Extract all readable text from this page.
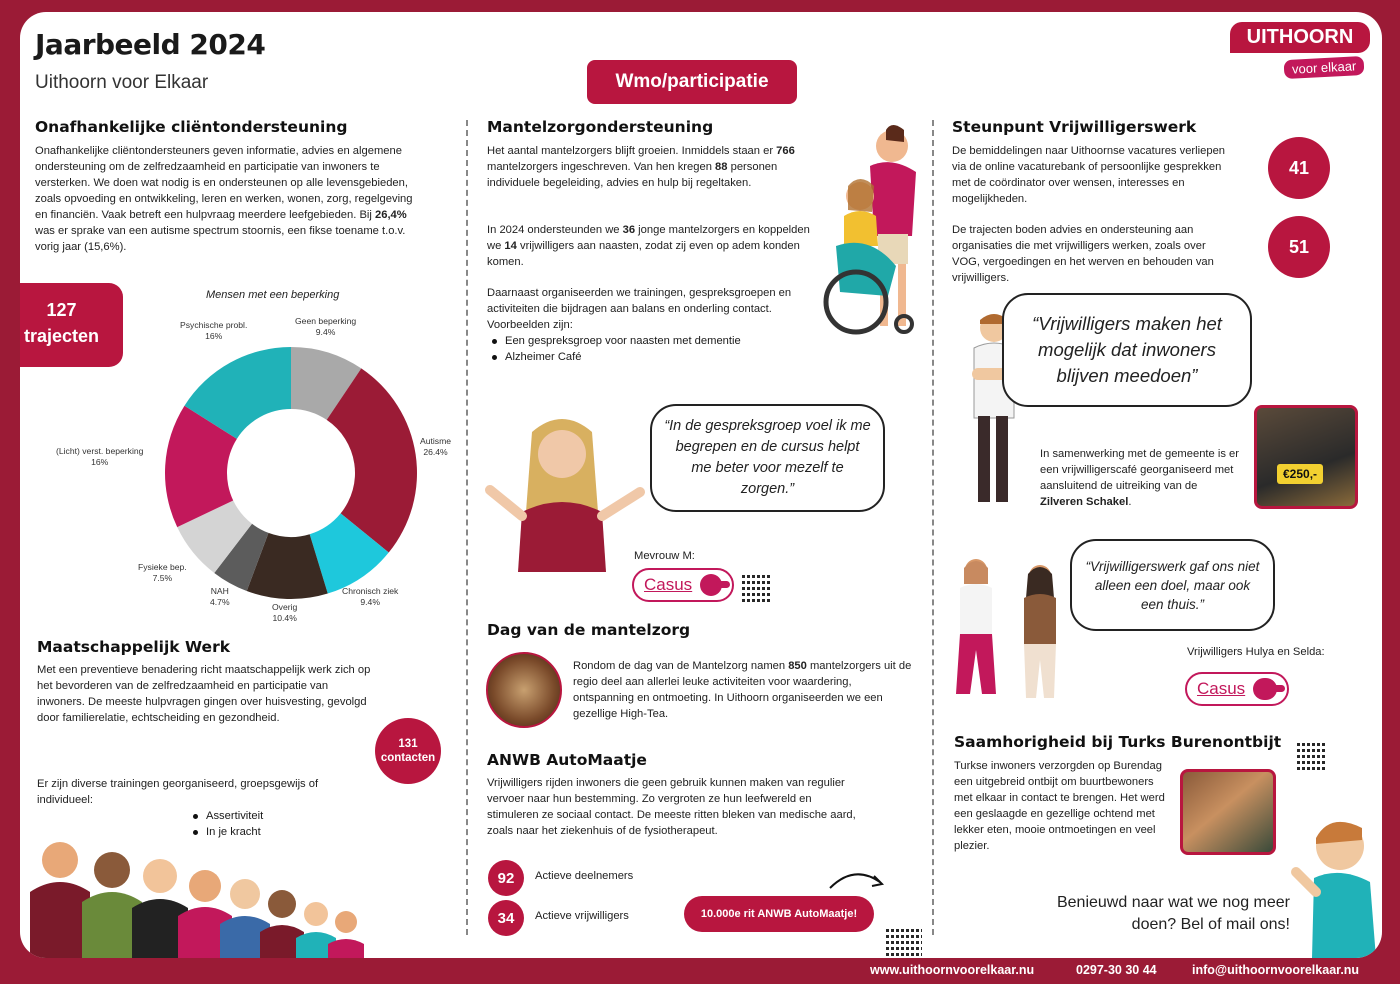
Jaarbeeld 2024
Uithoorn voor Elkaar	Wmo/participatie
UITHOORN
voor elkaar
Onafhankelijke cliëntondersteuning
Onafhankelijke cliëntondersteuners geven informatie, advies en algemene ondersteuning om de zelfredzaamheid en participatie van inwoners te versterken. We doen wat nodig is en ondersteunen op alle levensgebieden, zoals opvoeding en ontwikkeling, leren en werken, wonen, zorg, regelgeving en financiën. Vaak betreft een hulpvraag meerdere leefgebieden. Bij 26,4% was er sprake van een autisme spectrum stoornis, een fikse toename t.o.v. vorig jaar (15,6%).
127
trajecten
Mensen met een beperking
Geen beperking
9.4%
Autisme
26.4%
Chronisch ziek
9.4%
Overig
10.4%
NAH
4.7%
Fysieke bep.
7.5%
(Licht) verst. beperking
16%
Psychische probl.
16%
Maatschappelijk Werk
Met een preventieve benadering richt maatschappelijk werk zich op het bevorderen van de zelfredzaamheid en participatie van inwoners. De meeste hulpvragen gingen over huisvesting, gevolgd door familierelatie, echtscheiding en gezondheid.
131
contacten
Er zijn diverse trainingen georganiseerd, groepsgewijs of individueel:
Assertiviteit
In je kracht
Mantelzorgondersteuning
Het aantal mantelzorgers blijft groeien. Inmiddels staan er 766 mantelzorgers ingeschreven. Van hen kregen 88 personen individuele begeleiding, advies en hulp bij regeltaken.
In 2024 ondersteunden we 36 jonge mantelzorgers en koppelden we 14 vrijwilligers aan naasten, zodat zij even op adem konden komen.
Daarnaast organiseerden we trainingen, gespreksgroepen en activiteiten die bijdragen aan balans en onderling contact. Voorbeelden zijn:
Een gespreksgroep voor naasten met dementie
Alzheimer Café
“In de gespreksgroep voel ik me begrepen en de cursus helpt me beter voor mezelf te zorgen.”
Mevrouw M:
Casus
Dag van de mantelzorg
Rondom de dag van de Mantelzorg namen 850 mantelzorgers uit de regio deel aan allerlei leuke activiteiten voor waardering, ontspanning en ontmoeting. In Uithoorn organiseerden we een gezellige High-Tea.
ANWB AutoMaatje
Vrijwilligers rijden inwoners die geen gebruik kunnen maken van regulier vervoer naar hun bestemming. Zo vergroten ze hun leefwereld en stimuleren ze sociaal contact. De meeste ritten bleken van medische aard, zoals naar het ziekenhuis of de fysiotherapeut.
92	Actieve deelnemers
34	Actieve vrijwilligers	10.000e rit ANWB AutoMaatje!
Steunpunt Vrijwilligerswerk
De bemiddelingen naar Uithoornse vacatures verliepen via de online vacaturebank of persoonlijke gesprekken met de coördinator over wensen, interesses en mogelijkheden.
41
De trajecten boden advies en ondersteuning aan organisaties die met vrijwilligers werken, zoals over VOG, vergoedingen en het werven en behouden van vrijwilligers.
51
“Vrijwilligers maken het mogelijk dat inwoners blijven meedoen”
In samenwerking met de gemeente is er een vrijwilligerscafé georganiseerd met aansluitend de uitreiking van de Zilveren Schakel.
€250,-
“Vrijwilligerswerk gaf ons niet alleen een doel, maar ook een thuis.”
Vrijwilligers Hulya en Selda:
Casus
Saamhorigheid bij Turks Burenontbijt
Turkse inwoners verzorgden op Burendag een uitgebreid ontbijt om buurtbewoners met elkaar in contact te brengen. Het werd een geslaagde en gezellige ochtend met lekker eten, mooie ontmoetingen en veel plezier.
Benieuwd naar wat we nog meer doen? Bel of mail ons!
www.uithoornvoorelkaar.nu	0297-30 30 44	info@uithoornvoorelkaar.nu
